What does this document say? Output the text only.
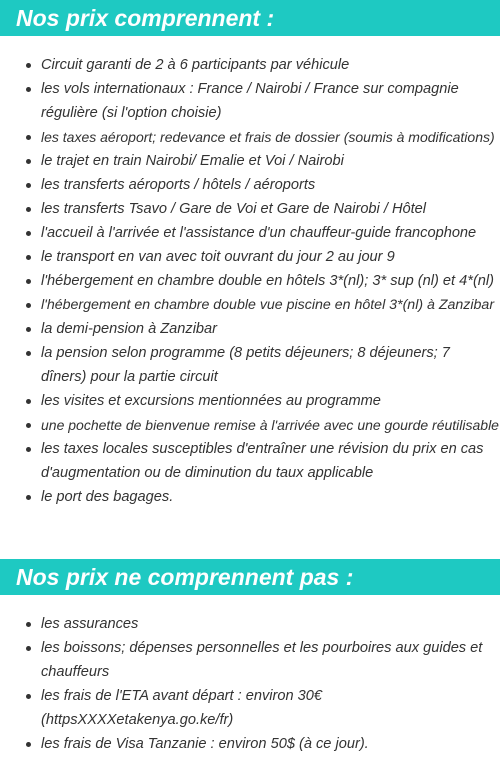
Nos prix comprennent :
Circuit garanti de 2 à 6 participants par véhicule
les vols internationaux : France / Nairobi / France sur compagnie régulière (si l'option choisie)
les taxes aéroport; redevance et frais de dossier (soumis à modifications)
le trajet en train Nairobi/ Emalie et Voi / Nairobi
les transferts aéroports / hôtels / aéroports
les transferts Tsavo / Gare de Voi et Gare de Nairobi / Hôtel
l'accueil à l'arrivée et l'assistance d'un chauffeur-guide francophone
le transport en van avec toit ouvrant du jour 2 au jour 9
l'hébergement en chambre double en hôtels 3*(nl); 3* sup (nl) et 4*(nl)
l'hébergement en chambre double vue piscine en hôtel 3*(nl) à Zanzibar
la demi-pension à Zanzibar
la pension selon programme (8 petits déjeuners; 8 déjeuners; 7 dîners) pour la partie circuit
les visites et excursions mentionnées au programme
une pochette de bienvenue remise à l'arrivée avec une gourde réutilisable
les taxes locales susceptibles d'entraîner une révision du prix en cas d'augmentation ou de diminution du taux applicable
le port des bagages.
Nos prix ne comprennent pas :
les assurances
les boissons; dépenses personnelles et les pourboires aux guides et chauffeurs
les frais de l'ETA avant départ : environ 30€ (httpsXXXXetakenya.go.ke/fr)
les frais de Visa Tanzanie : environ 50$ (à ce jour).
